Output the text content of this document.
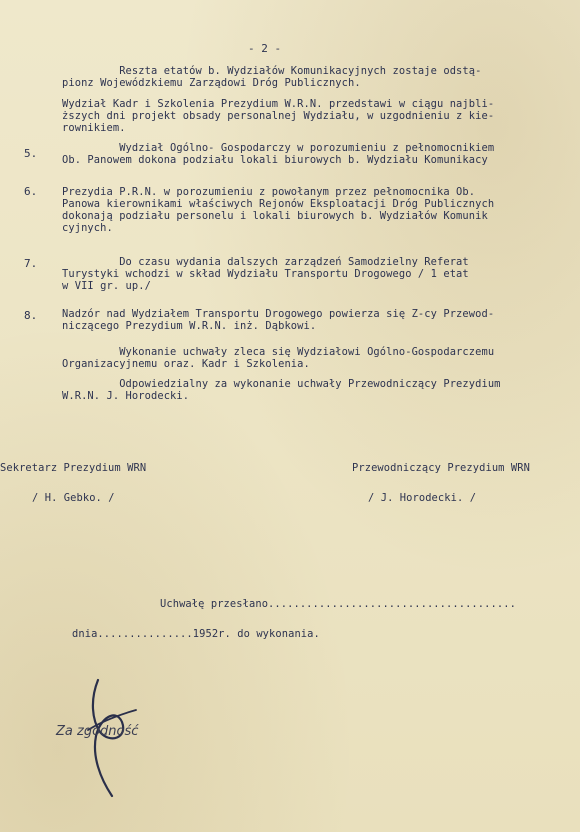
- 2 -
Reszta etatów b. Wydziałów Komunikacyjnych zostaje odstą-
pionz Wojewódzkiemu Zarządowi Dróg Publicznych.
Wydział Kadr i Szkolenia Prezydium W.R.N. przedstawi w ciągu najbli-
ższych dni projekt obsady personalnej Wydziału, w uzgodnieniu z kie-
rownikiem.
5. Wydział Ogólno- Gospodarczy w porozumieniu z pełnomocnikiem
Ob. Panowem dokona podziału lokali biurowych b. Wydziału Komunikacy
6. Prezydia P.R.N. w porozumieniu z powołanym przez pełnomocnika Ob.
Panowa kierownikami właściwych Rejonów Eksploatacji Dróg Publicznych
dokonają podziału personelu i lokali biurowych b. Wydziałów Komunik
cyjnych.
7. Do czasu wydania dalszych zarządzeń Samodzielny Referat
Turystyki wchodzi w skład Wydziału Transportu Drogowego / 1 etat
w VII gr. up./
8. Nadzór nad Wydziałem Transportu Drogowego powierza się Z-cy Przewod-
niczącego Prezydium W.R.N. inż. Dąbkowi.
Wykonanie uchwały zleca się Wydziałowi Ogólno-Gospodarczemu
Organizacyjnemu oraz. Kadr i Szkolenia.
Odpowiedzialny za wykonanie uchwały Przewodniczący Prezydium
W.R.N. J. Horodecki.
Sekretarz Prezydium WRN
/ H. Gebko. /
Przewodniczący Prezydium WRN
/ J. Horodecki. /
Uchwałę przesłano.......................................
dnia...............1952r. do wykonania.
Za zgodność
